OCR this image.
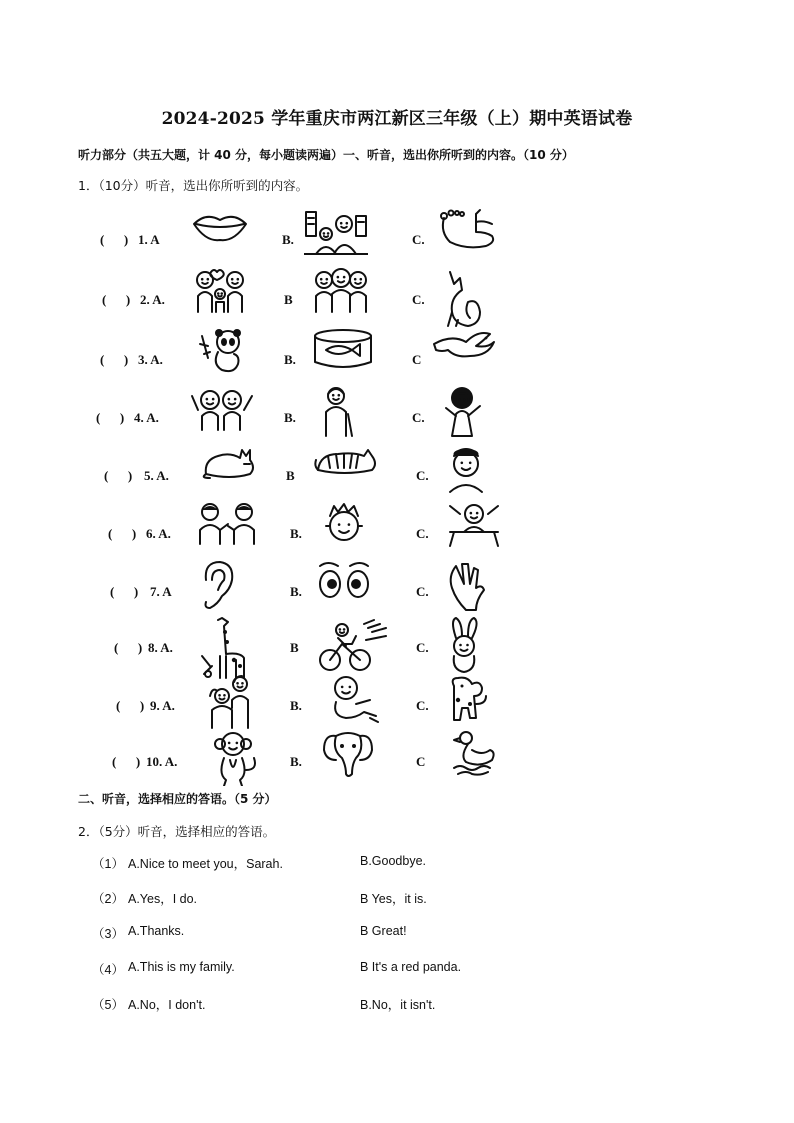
2024-2025 学年重庆市两江新区三年级（上）期中英语试卷
听力部分（共五大题，计 40 分，每小题读两遍）一、听音，选出你所听到的内容。（10 分）
1．（10分）听音，选出你所听到的内容。
(      ) 1. A	B.	C.
(      ) 2. A.	B	C.
(      ) 3. A.	B.	C
(      ) 4. A.	B.	C.
(      ) 5. A.	B	C.
(      ) 6. A.	B.	C.
(      ) 7. A	B.	C.
(      ) 8. A.	B	C.
(      ) 9. A.	B.	C.
(      ) 10. A.	B.	C
二、听音，选择相应的答语。（5 分）
2．（5分）听音，选择相应的答语。
（1） A.Nice to meet you，Sarah.	B.Goodbye.
（2） A.Yes，I do.	B Yes，it is.
（3） A.Thanks.	B Great!
（4） A.This is my family.	B It's a red panda.
（5） A.No，I don't.	B.No，it isn't.
